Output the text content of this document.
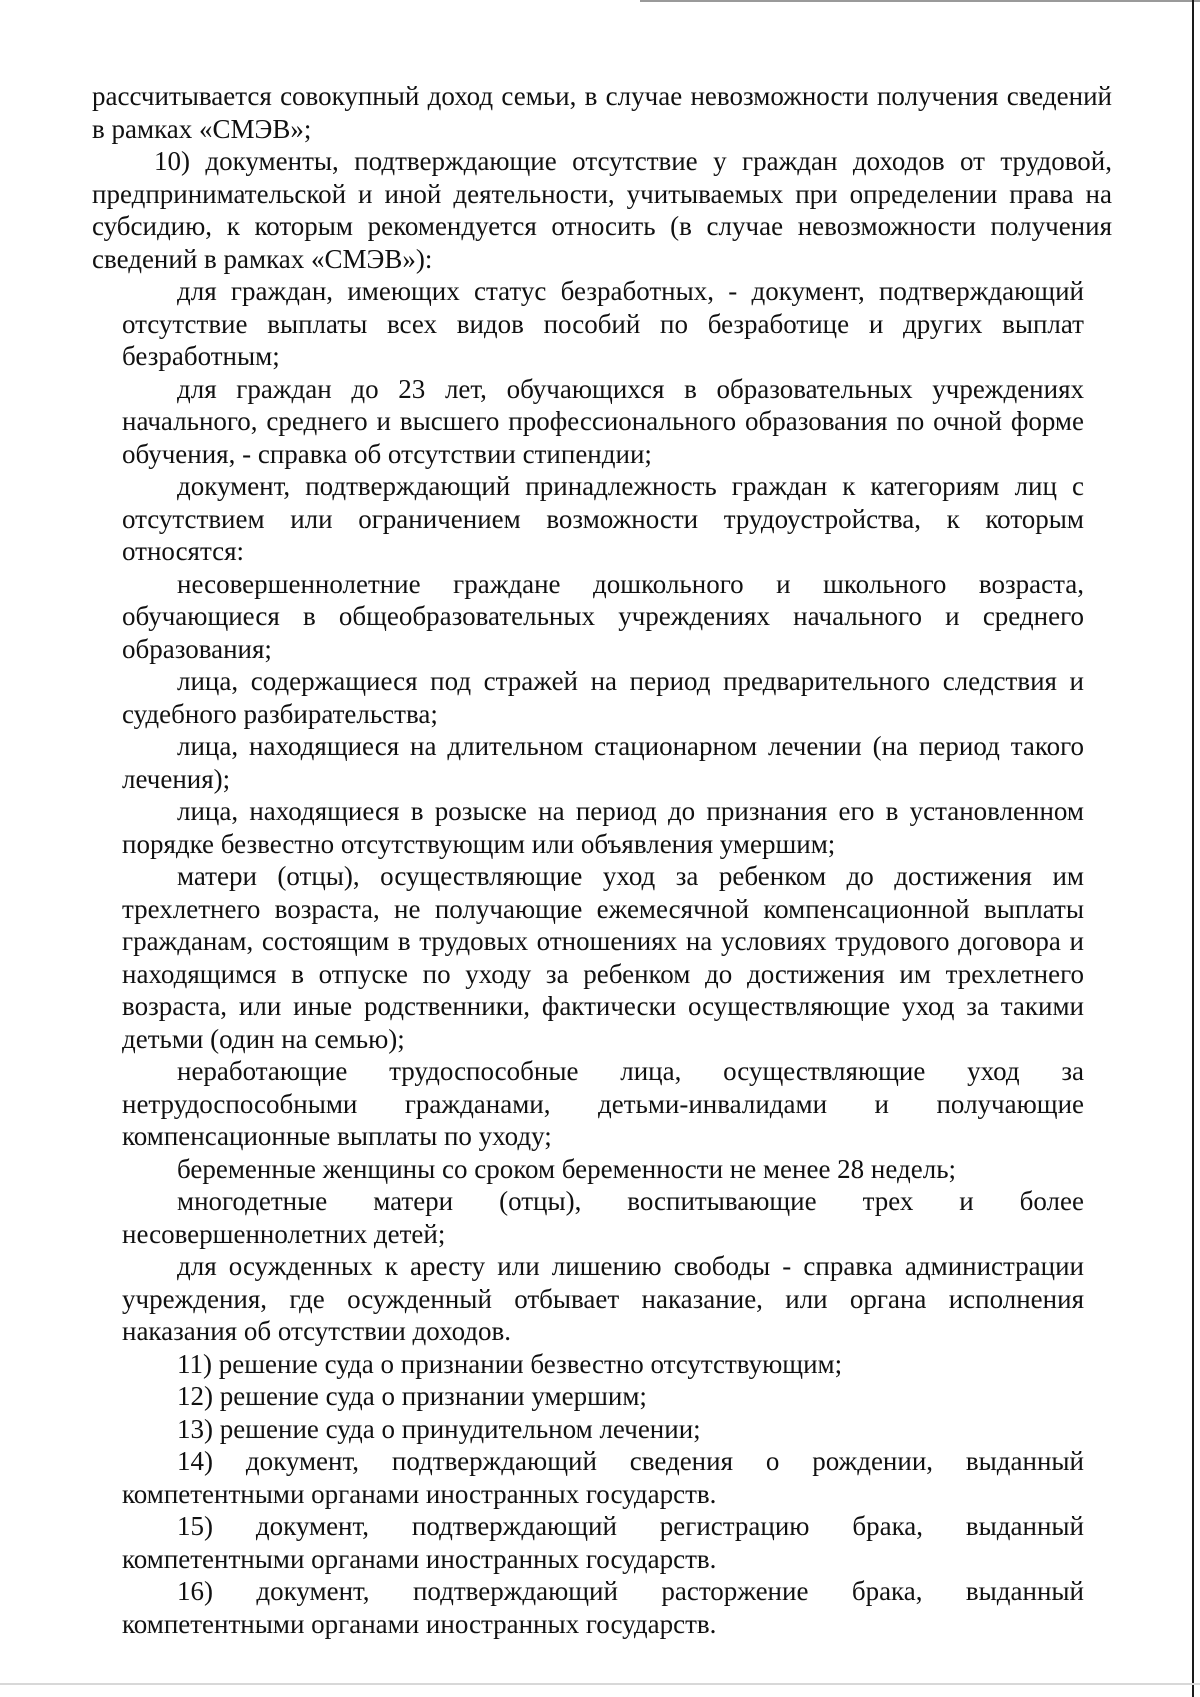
рассчитывается совокупный доход семьи, в случае невозможности получения сведений в рамках «СМЭВ»;

10) документы, подтверждающие отсутствие у граждан доходов от трудовой, предпринимательской и иной деятельности, учитываемых при определении права на субсидию, к которым рекомендуется относить (в случае невозможности получения сведений в рамках «СМЭВ»):

для граждан, имеющих статус безработных, - документ, подтверждающий отсутствие выплаты всех видов пособий по безработице и других выплат безработным;

для граждан до 23 лет, обучающихся в образовательных учреждениях начального, среднего и высшего профессионального образования по очной форме обучения, - справка об отсутствии стипендии;

документ, подтверждающий принадлежность граждан к категориям лиц с отсутствием или ограничением возможности трудоустройства, к которым относятся:

несовершеннолетние граждане дошкольного и школьного возраста, обучающиеся в общеобразовательных учреждениях начального и среднего образования;

лица, содержащиеся под стражей на период предварительного следствия и судебного разбирательства;

лица, находящиеся на длительном стационарном лечении (на период такого лечения);

лица, находящиеся в розыске на период до признания его в установленном порядке безвестно отсутствующим или объявления умершим;

матери (отцы), осуществляющие уход за ребенком до достижения им трехлетнего возраста, не получающие ежемесячной компенсационной выплаты гражданам, состоящим в трудовых отношениях на условиях трудового договора и находящимся в отпуске по уходу за ребенком до достижения им трехлетнего возраста, или иные родственники, фактически осуществляющие уход за такими детьми (один на семью);

неработающие трудоспособные лица, осуществляющие уход за нетрудоспособными гражданами, детьми-инвалидами и получающие компенсационные выплаты по уходу;

беременные женщины со сроком беременности не менее 28 недель;

многодетные матери (отцы), воспитывающие трех и более несовершеннолетних детей;

для осужденных к аресту или лишению свободы - справка администрации учреждения, где осужденный отбывает наказание, или органа исполнения наказания об отсутствии доходов.

11) решение суда о признании безвестно отсутствующим;

12) решение суда о признании умершим;

13) решение суда о принудительном лечении;

14) документ, подтверждающий сведения о рождении, выданный компетентными органами иностранных государств.

15) документ, подтверждающий регистрацию брака, выданный компетентными органами иностранных государств.

16) документ, подтверждающий расторжение брака, выданный компетентными органами иностранных государств.
